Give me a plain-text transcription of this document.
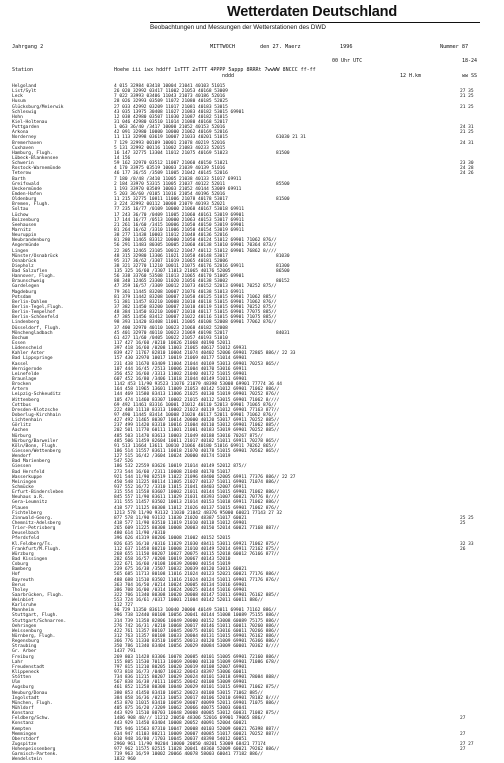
Wetterdaten Deutschland
Beobachtungen und Messungen der Wetterstationen des DWD
Jahrgang 2	MITTWOCH	den 27. Maerz	1996	Nummer 87
00 Uhr UTC	18-24
Station	Hoehe iii iwx hddff 1sTTT 2sTTT 4PPPP 5appp 8RRRt 7wwWW 8NCCC ff-ff
nddd	12 H.km	ww SS
Helgoland	4 015 32984 03418 10004 21041 40103 51015
List/Sylt	26 020 32992 03417 11002 21053 40168 53009	27 35
Leck	7 022 33993 03406 11043 21073 40186 52016	21 25
Husum	28 026 32993 03509 11072 21080 40185 52025
Glücksburg/Meierwik	27 033 42992 03209 11017 21081 40183 53015	21 25
Schleswig	43 035 13975 30408 11027 21083 40182 53015 69901
Hohn	12 038 42980 03507 11030 21087 40182 51015
Kiel-Holtenau	31 046 42980 03510 11014 21080 40168 52017
Puttgarden	1 063 36/40 /3417 10000 21052 40153 52016	24 31
Arkona	42 091 32980 10000 10000 21062 40169 52016	21 25
Norderney	11 113 32998 03619 10007 21033 40201 51015	61030 21 31
Bremerhaven	7 129 32993 00109 10001 21078 40219 52016	24 31
Cuxhaven	5 131 32992 00116 11002 21083 40233 52015
Hamburg, Flugh.	16 147 32775 13304 11012 21075 40169 51023	81500
Lübeck-Blankensee	14 156
Schwerin	59 162 32970 03512 11007 21060 40150 51021	23 30
Rostock-Warnemünde	4 170 33975 03519 10003 21039 40139 51016	24 28
Teterow	46 177 36/55 /3509 11005 21042 40145 52016	24 26
Barth	7 180 /8/48 /3410 11005 21038 40133 51017 69911
Greifswald	2 184 33970 53315 11005 21037 40122 52011	85500
Ueckermünde	1 193 33970 03509 10003 21052 40144 53009 69911
Emden-Hafen	5 203 36/60 /0105 11016 21054 40196 52016
Oldenburg	11 215 32775 10811 11006 21078 40178 53017	81500
Bremen, Flugh.	3 224 32992 00112 10008 21079 40193 52021
Soltau	77 235 16/77 /0109 10000 21068 40167 53018 69911
Lüchow	17 243 36/70 /0409 11005 21060 40161 53019 69901
Boizenburg	17 144 16/77 /0513 10000 21063 40153 53017 69911
Seehausen	21 261 16/60 /3415 10006 21050 40150 53019 69901
Marnitz	81 264 16/62 /3310 11006 21050 40154 53019 69911
Neuruppin	38 277 11438 10003 11012 21048 40136 52016
Neubrandenburg	81 280 11465 83312 10000 21050 40124 51012 69901 71062 876//
Angermünde	56 291 11483 80305 10005 21060 40138 51010 69901 70364 873//
Lingen	22 305 12465 23105 10012 21047 40112 51012 69901 76862 8////
Münster/Osnabrück	48 315 32980 13306 11021 21058 40148 53017	81030
Osnabrück	95 317 36/62 /3307 11019 21065 40181 52006
Diepholz	38 321 32770 11210 10011 21075 40176 52016 69911	81300
Bad Salzuflen	135 325 16/60 /3307 11013 21065 40176 52005	86500
Hannover, Flugh.	56 338 33760 53508 11013 21065 40170 51005 69901
Braunschweig	88 348 12465 23300 11020 21056 40138 53002	80152
Gardelegen	47 359 16/57 /3309 10012 21073 40152 52013 69901 70252 875//
Magdeburg	79 361 11445 83208 10007 21076 40138 51013 69911
Potsdam	81 379 11442 83208 10007 21058 40125 51015 69901 71062 885//
Berlin-Dahlem	51 381 11457 83210 10008 21010 40118 51015 69901 71062 876//
Berlin-Tegel,Flugh.	37 382 11450 83200 10007 21010 40119 51015 69901 70252 875//
Berlin-Tempelhof	48 384 11450 83210 10007 21010 40117 51015 69901 77075 885//
Berlin-Schönefeld	47 385 11456 83412 10007 21022 40116 51015 69901 71075 885//
Lindenberg	98 393 11420 83408 11001 21005 40108 52008 69901 77062 876//
Düsseldorf, Flugh.	37 400 32970 40110 10023 21068 40182 52008
Mönchengladbach	45 401 32970 40110 10023 21069 40198 52017	84031
Bochum	61 427 11/60 /0405 10022 21057 40193 51010
Essen	117 427 16/60 /0210 10026 21068 40190 52011
Lüdenscheid	397 418 16/60 /0208 11003 21065 40617 51012 69931
Kahler Aster	839 427 11767 82810 10004 21074 40402 52006 69901 72865 886// 22 33
Bad Lippspringe	157 430 32970 10017 10019 21069 40177 51014 69901
Kassel	231 438 11670 83409 11004 21044 40169 53013 69901 70253 865//
Wernigerode	107 444 16/45 /2513 10006 21004 40170 53016 69911
Leinefelde	356 452 16/60 /3313 11002 21040 40172 51015 69901
Braunlage	607 452 16/80 /3406 11018 21044 40149 51011 69901
Brocken	1142 453 11/90 93523 11076 21079 48398 53008 69901 77774 36 44
Artern	164 458 11965 13601 11009 21053 40142 51012 69901 71062 886//
Leipzig-Schkeuditz	144 469 11580 83413 11006 21025 40130 51019 69901 70252 876//
Wittenberg	105 474 11460 83307 10002 21015 40112 53015 69901 71062 8////
Cottbus	69 492 11461 83316 10001 21012 40110 52013 69901 71065 876//
Dresden-Klotzsche	222 488 11118 83313 10002 21023 40119 51012 69901 77163 877//
Doberlug-Kirchhain	97 490 11445 83414 10008 21020 40117 52011 69901 71062 876//
Lichtenhain	427 492 11465 80307 10014 20000 40120 53017 69911 70252 885//
Görlitz	237 499 11420 83310 10016 21004 40110 53012 69901 71062 885//
Aachen	202 501 11770 60111 11001 21001 40183 53019 69901 70252 885//
Nürburg	485 503 11470 83613 10003 21049 40188 53016 70267 875//
Nürburg/Barweiler	485 506 11459 82604 10011 21017 40182 51011 69911 70278 865//
Köln/Bonn, Flugh.	91 513 11664 13611 10010 21066 40180 51016 69911 70262 865//
Giessen/Wettenberg	186 514 11557 83611 10018 21070 40178 51015 69901 70562 865//
Wendorf	127 515 16/42 /3604 10024 20000 40174 51019
Bad Marienberg	547 526
Giessen	186 532 22559 83626 10019 21014 40149 52012 875//
Bad Hersfeld	273 544 16/60 /2311 10008 21048 40170 51017
Wasserkuppe	921 544 11/90 82519 11022 21096 48400 52005 69911 77376 886// 22 27
Meiningen	450 548 11225 80114 11005 21027 40137 51011 69901 71074 886//
Schmücke	937 552 16/72 /3310 11015 21041 48403 52007 69911
Erfurt-Bindersleben	315 554 11558 83607 10002 21011 40144 51015 69901 71062 886//
Neuhaus a.R.	845 557 11/90 83611 11029 21031 48393 51007 60021 70776 8////
Gera-Leumnitz	311 555 11457 83502 10013 21014 40153 51018 69911 71062 886//
Plauen	418 577 11125 80308 11012 21026 40137 51015 69901 71062 876//
Fichtelberg	1213 578 11/90 93132 11030 21042 48376 95000 60021 77143 27 32
Zinnwald-Georg.	877 578 11/90 93132 11030 21020 48387 51017 60021	25 25
Chemnitz-Adelsberg	418 577 11/90 83510 11019 21010 40118 51012 69901	25
Trier-Petrisberg	265 609 11225 80308 10008 20003 40150 52014 60021 77168 887//
Deuselbach	480 614 11/90 /0310
Pferdsfeld	396 626 41319 80206 10008 21002 40152 52015
Kl.Feldberg/Ts.	826 635 16/10 /0316 11029 21030 48411 53011 69921 71062 875//	32 33
Frankfurt/M.Flugh.	112 637 11458 80210 10008 21010 40149 52014 69911 72162 875//	26
Würzburg	268 655 11150 80207 10027 20075 40115 52018 60012 76166 877//
Bad Kissingen	282 658 16/57 /0208 10019 20067 40143 52010
Coburg	322 671 16/60 /0108 10039 20000 40154 51019
Bamberg	239 675 16/38 /3507 10032 20039 40120 53013 60021
Hof	565 685 11713 80108 11016 21024 40123 52021 60021 77176 886//
Bayreuth	488 688 11510 83502 11016 21024 40124 51011 69901 77176 876//
Berus	363 704 16/50 /0214 10024 20005 40134 51016 69901
Tholey	386 708 16/00 /0314 10024 20025 40144 51016 69901
Saarbrücken, Flugh.	322 706 11340 80308 10020 20008 40147 51011 69901 76162 885//
Weinbiet	553 724 16/61 /0317 10001 21004 40142 52011 60011 886//
Karlsruhe	112 727
Mannheim	96 729 11350 83613 10040 20000 40149 53011 69901 71162 886//
Stuttgart, Flugh.	396 738 12440 80108 10056 20041 40144 51008 10089 75155 886//
Stuttgart/Schnarren.	314 739 11358 82806 10049 20000 40152 53008 60089 75175 886//
Oehringen	276 742 16/31 /0210 10068 20017 40146 51011 60011 70260 886//
Weissenburg	422 761 11357 80107 10045 20075 40101 53016 60011 70266 886//
Nürnberg, Flugh.	312 763 11357 80108 10033 20004 40131 51015 69901 76162 886//
Regensburg	366 776 11330 83510 10055 20013 40120 51009 69901 76366 886//
Straubing	350 786 11340 83404 10056 20029 40084 53009 60001 70362 8////
Gr. Arber	1437 791
Freiburg	269 803 11428 83306 10078 20085 40101 51005 69901 72160 886//
Lahr	155 805 11530 70113 10069 20000 40110 51009 69901 71086 678//
Freudenstadt	797 815 11210 80205 10020 20019 40108 52007 69901
Klippeneck	973 818 16/73 /0407 10032 20043 48397 53006 60011
Stötten	734 836 11215 80207 10029 20024 40101 53018 69901 78084 888//
Ulm	567 838 16/38 /0111 10055 20042 40108 53009 69901
Augsburg	461 852 11258 80308 10040 20029 40101 51015 69901 71062 875//
Neuburg/Donau	380 853 41450 83410 10052 20023 40108 53015 71062 885//
Ingolstadt	384 858 16/36 /0213 10053 20017 40106 52010 69901 78182 8////
München, Flugh.	453 870 11015 83410 10059 20007 40099 52011 69901 71075 886//
Mühldorf	405 875 16/20 /3209 10062 20066 40075 53003 60041
Konstanz	443 929 11510 80703 10048 20008 40085 53012 60031 71082 875//
Feldberg/Schw.	1486 908 48/// 11212 20050 48306 52016 69901 79065 886//	27
Konstanz	443 929 11450 83404 10008 20052 40091 52004 60021
Kempten	705 946 11563 87310 10047 20008 40103 52009 60021 76398 887//
Memmingen	634 947 41103 80211 10009 20007 40085 51017 60021 70252 887//	27
Oberstdorf	810 948 16/80 /1703 10045 20037 48398 54012 60051
Zugspitze	2960 961 11/90 90204 10000 20050 48201 53009 68421 77174	27 27
Hohenpeissenberg	977 962 11575 82515 11028 20041 48368 52009 60021 79262 886//	27
Garmisch-Partenk.	719 963 16/59 10002 20066 40078 58003 60041 77182 886//
Wendelstein	1832 960
